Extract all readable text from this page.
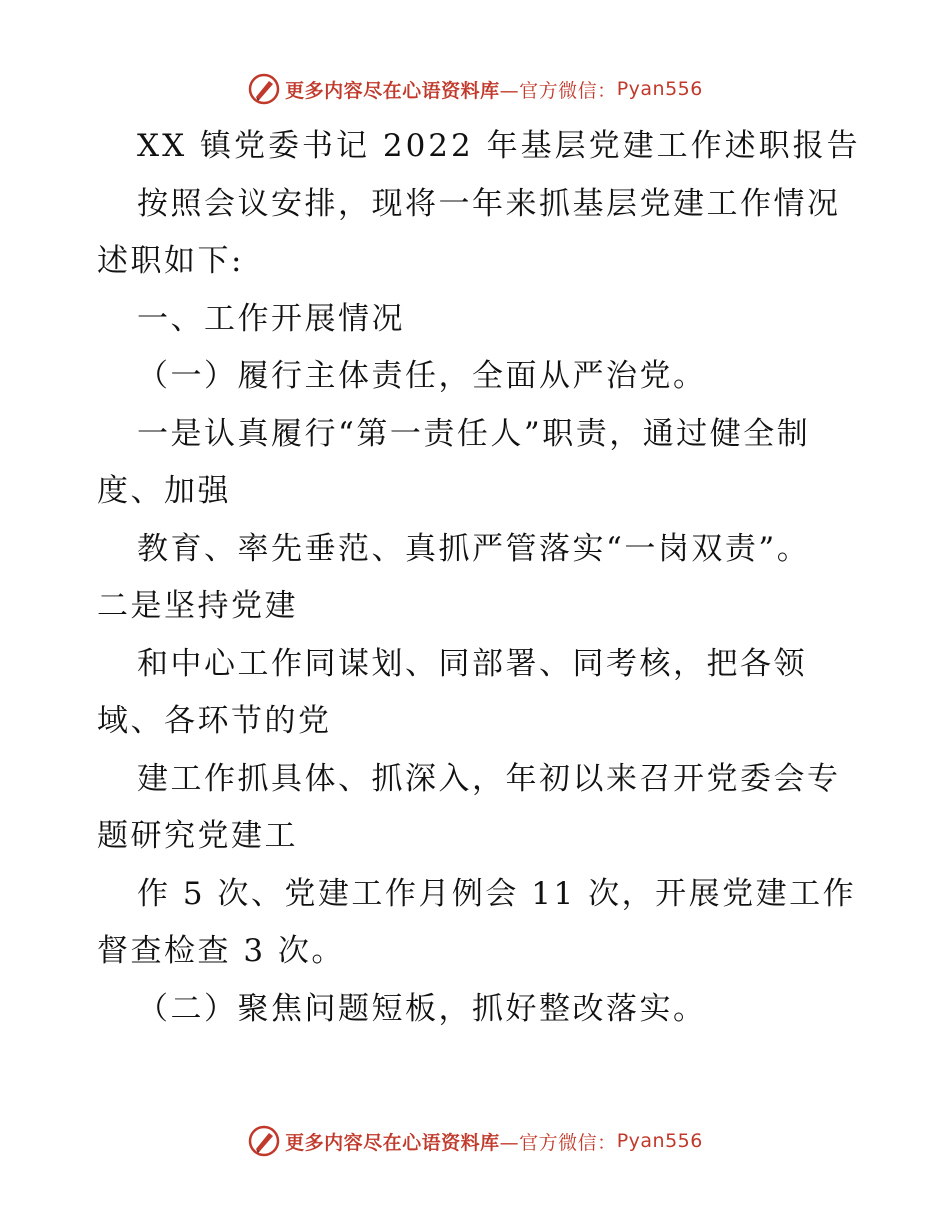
更多内容尽在心语资料库 —官方微信： Pyan556
XX 镇党委书记 2022 年基层党建工作述职报告
按照会议安排，现将一年来抓基层党建工作情况
述职如下:
一、工作开展情况
（一）履行主体责任，全面从严治党。
一是认真履行“第一责任人”职责，通过健全制
度、加强
教育、率先垂范、真抓严管落实“一岗双责”。
二是坚持党建
和中心工作同谋划、同部署、同考核，把各领
域、各环节的党
建工作抓具体、抓深入，年初以来召开党委会专
题研究党建工
作 5 次、党建工作月例会 11 次，开展党建工作
督查检查 3 次。
（二）聚焦问题短板，抓好整改落实。
更多内容尽在心语资料库 —官方微信： Pyan556
